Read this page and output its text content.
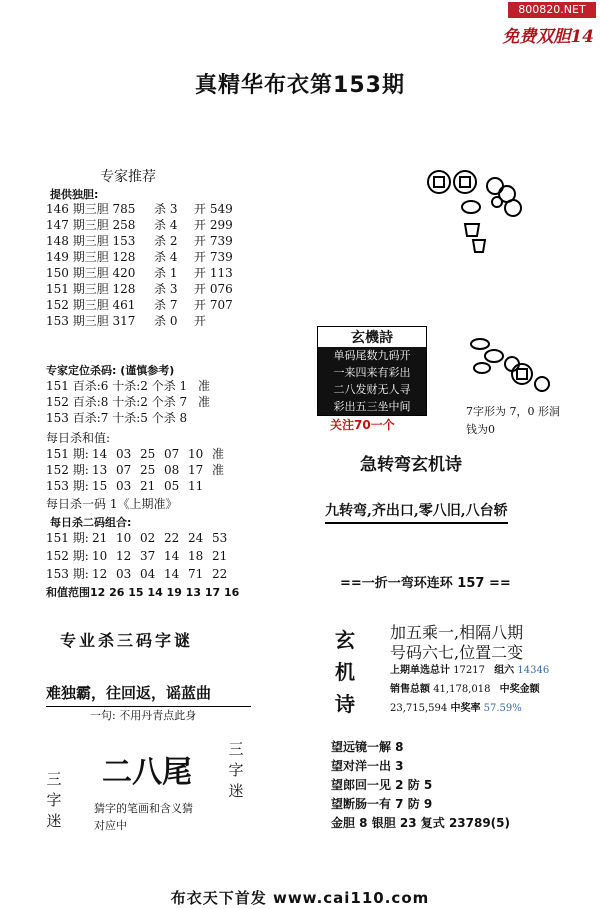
800820.NET
免费双胆14
真精华布衣第153期
专家推荐
提供独胆:
146 期三胆 785 杀 3 开 549
147 期三胆 258 杀 4 开 299
148 期三胆 153 杀 2 开 739
149 期三胆 128 杀 4 开 739
150 期三胆 420 杀 1 开 113
151 期三胆 128 杀 3 开 076
152 期三胆 461 杀 7 开 707
153 期三胆 317 杀 0 开
专家定位杀码: (谨慎参考)
151 百杀:6 十杀:2 个杀 1 准
152 百杀:8 十杀:2 个杀 7 准
153 百杀:7 十杀:5 个杀 8
每日杀和值:
151 期: 14 03 25 07 10 准
152 期: 13 07 25 08 17 准
153 期: 15 03 21 05 11
每日杀一码 1《上期准》
每日杀二码组合:
151 期: 21 10 02 22 24 53
152 期: 10 12 37 14 18 21
153 期: 12 03 04 14 71 22
和值范围12 26 15 14 19 13 17 16
专业杀三码字谜
难独霸，往回返，谣蓝曲
一句: 不用丹青点此身
三字迷
三字迷
二八尾
猜字的笔画和含义猜
对应中
玄機詩
单码尾数九码开
一来四来有彩出
二八发财无人寻
彩出五三坐中间
关注70一个
7字形为 7，0 形洞
钱为0
急转弯玄机诗
九转弯,齐出口,零八旧,八台轿
==一折一弯环连环 157 ==
玄机诗
加五乘一,相隔八期
号码六七,位置二变
上期单选总计 17217 组六 14346
销售总额 41,178,018 中奖金额
23,715,594 中奖率 57.59%
望远镜一解 8
望对洋一出 3
望郎回一见 2 防 5
望断肠一有 7 防 9
金胆 8 银胆 23 复式 23789(5)
布衣天下首发 www.cai110.com
